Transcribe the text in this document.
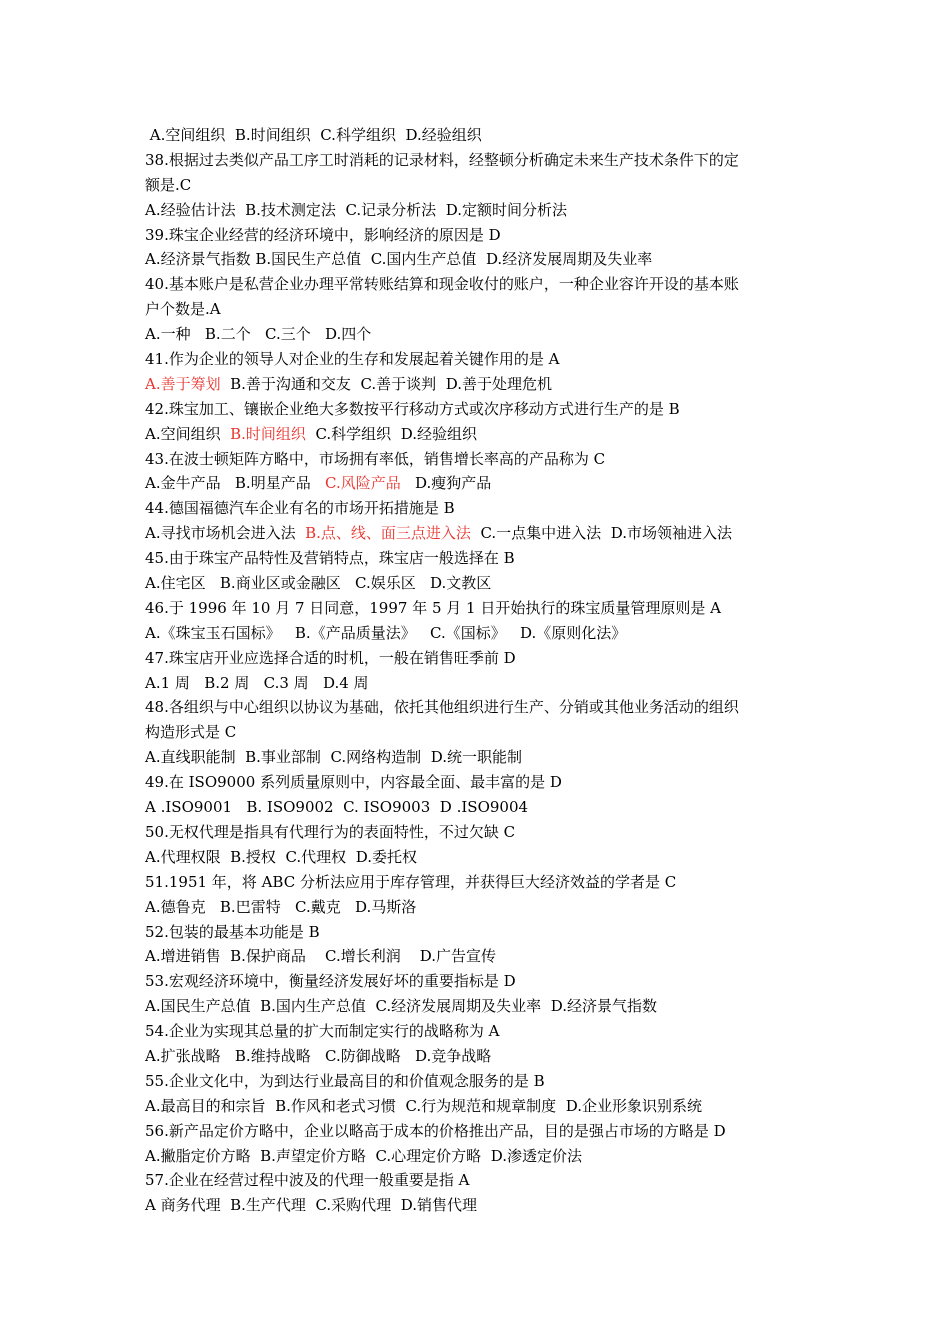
A.空间组织  B.时间组织  C.科学组织  D.经验组织
38.根据过去类似产品工序工时消耗的记录材料，经整顿分析确定未来生产技术条件下的定
额是.C
A.经验估计法  B.技术测定法  C.记录分析法  D.定额时间分析法
39.珠宝企业经营的经济环境中，影响经济的原因是 D
A.经济景气指数 B.国民生产总值  C.国内生产总值  D.经济发展周期及失业率
40.基本账户是私营企业办理平常转账结算和现金收付的账户，一种企业容许开设的基本账
户个数是.A
A.一种   B.二个   C.三个   D.四个
41.作为企业的领导人对企业的生存和发展起着关键作用的是 A
A.善于筹划  B.善于沟通和交友  C.善于谈判  D.善于处理危机
42.珠宝加工、镶嵌企业绝大多数按平行移动方式或次序移动方式进行生产的是 B
A.空间组织  B.时间组织  C.科学组织  D.经验组织
43.在波士顿矩阵方略中，市场拥有率低，销售增长率高的产品称为 C
A.金牛产品   B.明星产品   C.风险产品   D.瘦狗产品
44.德国福德汽车企业有名的市场开拓措施是 B
A.寻找市场机会进入法  B.点、线、面三点进入法  C.一点集中进入法  D.市场领袖进入法
45.由于珠宝产品特性及营销特点，珠宝店一般选择在 B
A.住宅区   B.商业区或金融区   C.娱乐区   D.文教区
46.于 1996 年 10 月 7 日同意，1997 年 5 月 1 日开始执行的珠宝质量管理原则是 A
A.《珠宝玉石国标》   B.《产品质量法》   C.《国标》   D.《原则化法》
47.珠宝店开业应选择合适的时机，一般在销售旺季前 D
A.1 周   B.2 周   C.3 周   D.4 周
48.各组织与中心组织以协议为基础，依托其他组织进行生产、分销或其他业务活动的组织
构造形式是 C
A.直线职能制  B.事业部制  C.网络构造制  D.统一职能制
49.在 ISO9000 系列质量原则中，内容最全面、最丰富的是 D
A .ISO9001   B. ISO9002  C. ISO9003  D .ISO9004
50.无权代理是指具有代理行为的表面特性，不过欠缺 C
A.代理权限  B.授权  C.代理权  D.委托权
51.1951 年，将 ABC 分析法应用于库存管理，并获得巨大经济效益的学者是 C
A.德鲁克   B.巴雷特   C.戴克   D.马斯洛
52.包装的最基本功能是 B
A.增进销售  B.保护商品    C.增长利润    D.广告宣传
53.宏观经济环境中，衡量经济发展好坏的重要指标是 D
A.国民生产总值  B.国内生产总值  C.经济发展周期及失业率  D.经济景气指数
54.企业为实现其总量的扩大而制定实行的战略称为 A
A.扩张战略   B.维持战略   C.防御战略   D.竞争战略
55.企业文化中，为到达行业最高目的和价值观念服务的是 B
A.最高目的和宗旨  B.作风和老式习惯  C.行为规范和规章制度  D.企业形象识别系统
56.新产品定价方略中，企业以略高于成本的价格推出产品，目的是强占市场的方略是 D
A.撇脂定价方略  B.声望定价方略  C.心理定价方略  D.渗透定价法
57.企业在经营过程中波及的代理一般重要是指 A
A 商务代理  B.生产代理  C.采购代理  D.销售代理
